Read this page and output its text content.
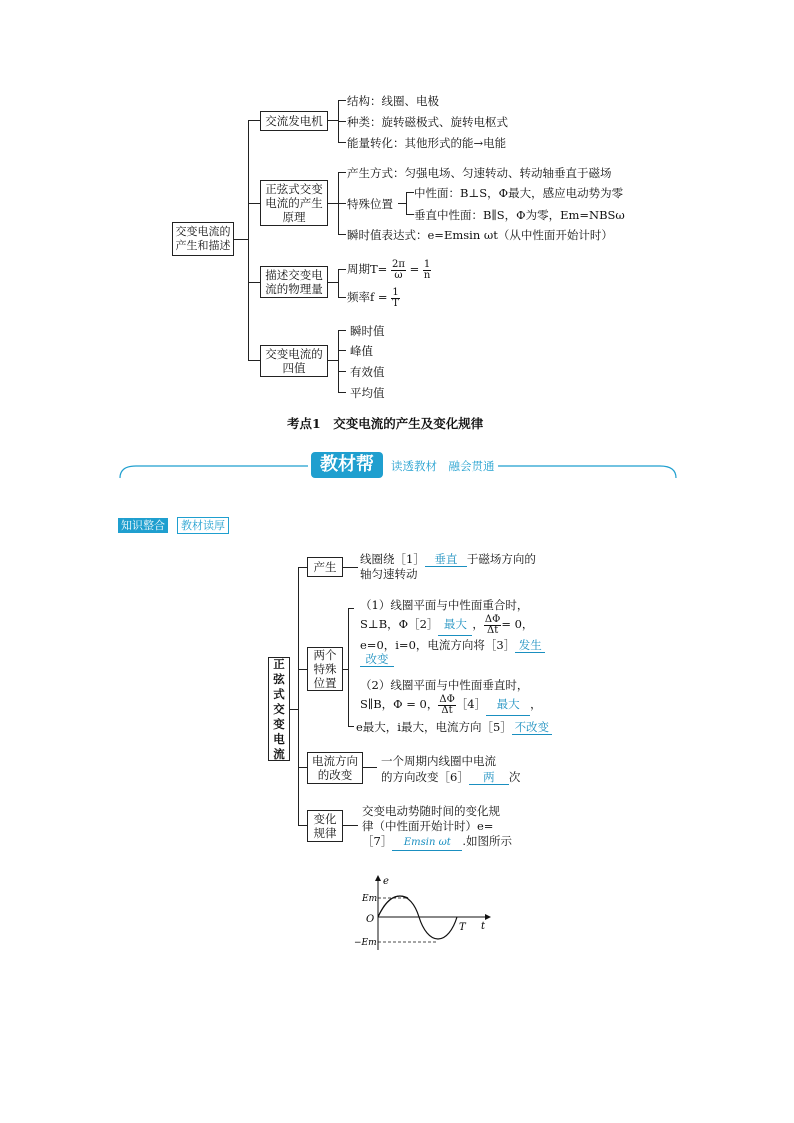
交变电流的产生和描述
交流发电机
结构：线圈、电极
种类：旋转磁极式、旋转电枢式
能量转化：其他形式的能→电能
正弦式交变电流的产生原理
产生方式：匀强电场、匀速转动、转动轴垂直于磁场
特殊位置
中性面：B⊥S，Φ最大，感应电动势为零
垂直中性面：B∥S，Φ为零，Em=NBSω
瞬时值表达式：e=Emsin ωt（从中性面开始计时）
描述交变电流的物理量
周期$T= \frac{2\pi}{\omega} = \frac{1}{n}$
频率$f = \frac{1}{T}$
交变电流的四值
瞬时值
峰值
有效值
平均值
考点1　交变电流的产生及变化规律
教材帮	读透教材　融会贯通
知识整合	教材读厚
正弦式交变电流
产生
线圈绕［1］ 垂直 于磁场方向的
轴匀速转动
两个特殊位置
（1）线圈平面与中性面重合时，
S⊥B，Φ［2］ 最大 ， $\frac{\Delta\Phi}{\Delta t} = 0$，
e=0，i=0，电流方向将［3］ 发生
改变
（2）线圈平面与中性面垂直时，
S∥B，Φ = 0， $\frac{\Delta\Phi}{\Delta t}$ ［4］ 最大 ，
e最大，i最大，电流方向［5］ 不改变
电流方向的改变
一个周期内线圈中电流
的方向改变［6］ 两 次
变化规律
交变电动势随时间的变化规
律（中性面开始计时）e=
［7］ Emsin ωt .如图所示
e
t
Em
−Em
O
T
